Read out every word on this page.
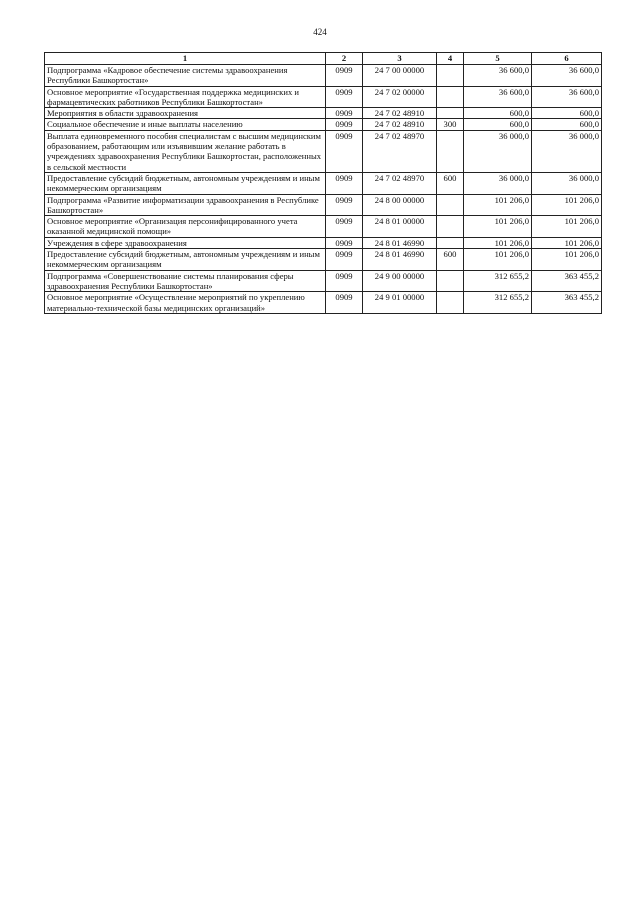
424
1	2	3	4	5	6
Подпрограмма «Кадровое обеспечение системы здравоохранения Республики Башкортостан»	0909	24 7 00 00000		36 600,0	36 600,0
Основное мероприятие «Государственная поддержка медицинских и фармацевтических работников Республики Башкортостан»	0909	24 7 02 00000		36 600,0	36 600,0
Мероприятия в области здравоохранения	0909	24 7 02 48910		600,0	600,0
Социальное обеспечение и иные выплаты населению	0909	24 7 02 48910	300	600,0	600,0
Выплата единовременного пособия специалистам с высшим медицинским образованием, работающим или изъявившим желание работать в учреждениях здравоохранения Республики Башкортостан, расположенных в сельской местности	0909	24 7 02 48970		36 000,0	36 000,0
Предоставление субсидий бюджетным, автономным учреждениям и иным некоммерческим организациям	0909	24 7 02 48970	600	36 000,0	36 000,0
Подпрограмма «Развитие информатизации здравоохранения в Республике Башкортостан»	0909	24 8 00 00000		101 206,0	101 206,0
Основное мероприятие «Организация персонифицированного учета оказанной медицинской помощи»	0909	24 8 01 00000		101 206,0	101 206,0
Учреждения в сфере здравоохранения	0909	24 8 01 46990		101 206,0	101 206,0
Предоставление субсидий бюджетным, автономным учреждениям и иным некоммерческим организациям	0909	24 8 01 46990	600	101 206,0	101 206,0
Подпрограмма «Совершенствование системы планирования сферы здравоохранения Республики Башкортостан»	0909	24 9 00 00000		312 655,2	363 455,2
Основное мероприятие «Осуществление мероприятий по укреплению материально-технической базы медицинских организаций»	0909	24 9 01 00000		312 655,2	363 455,2
